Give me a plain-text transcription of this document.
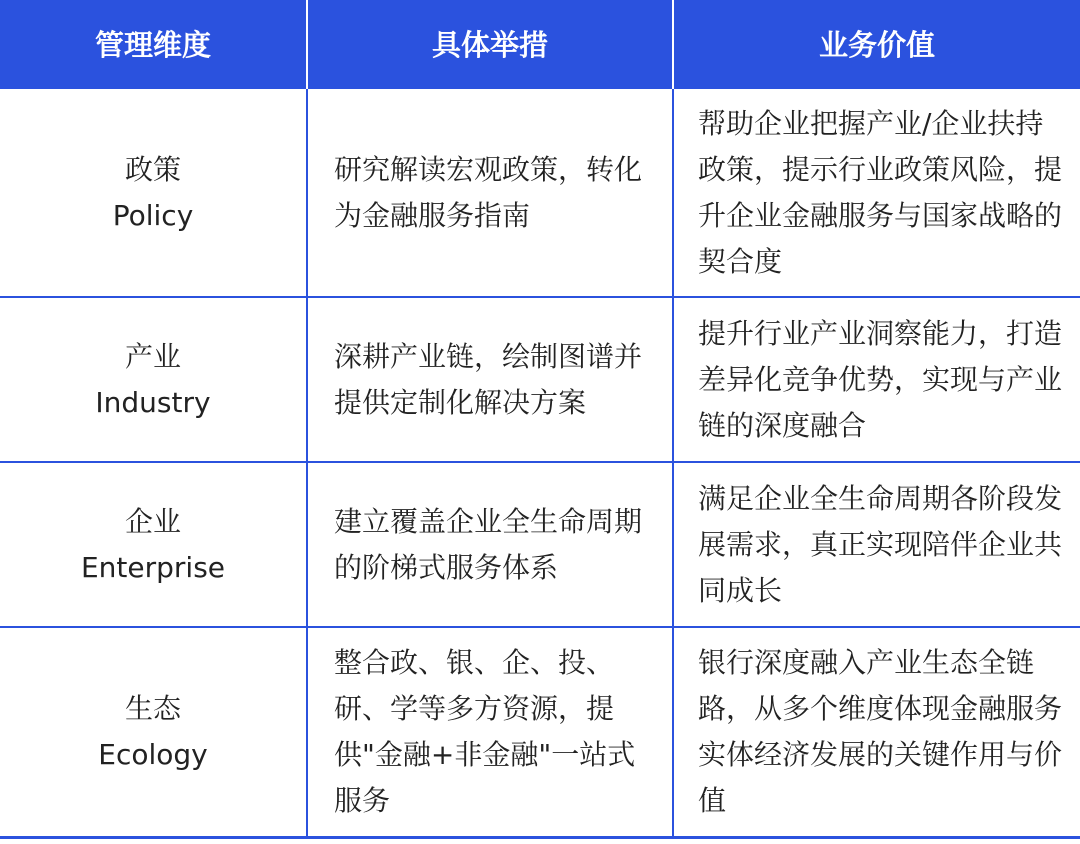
管理维度	具体举措	业务价值

政策
Policy	研究解读宏观政策，转化为金融服务指南	帮助企业把握产业/企业扶持政策，提示行业政策风险，提升企业金融服务与国家战略的契合度

产业
Industry	深耕产业链，绘制图谱并提供定制化解决方案	提升行业产业洞察能力，打造差异化竞争优势，实现与产业链的深度融合

企业
Enterprise	建立覆盖企业全生命周期的阶梯式服务体系	满足企业全生命周期各阶段发展需求，真正实现陪伴企业共同成长

生态
Ecology	整合政、银、企、投、研、学等多方资源，提供"金融+非金融"一站式服务	银行深度融入产业生态全链路，从多个维度体现金融服务实体经济发展的关键作用与价值
